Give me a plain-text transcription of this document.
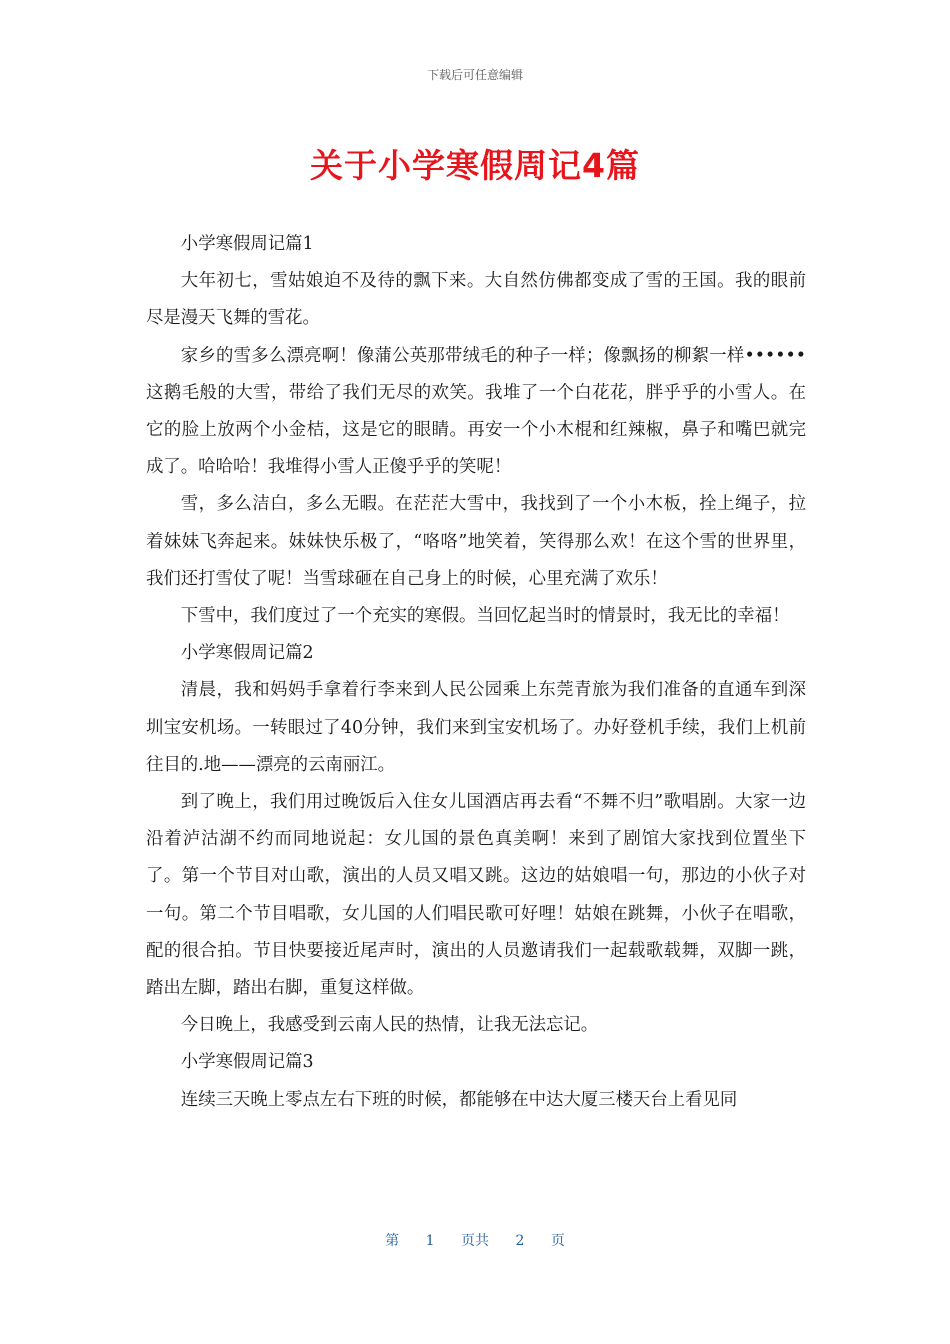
下载后可任意编辑
关于小学寒假周记4篇

小学寒假周记篇1

大年初七，雪姑娘迫不及待的飘下来。大自然仿佛都变成了雪的王国。我的眼前尽是漫天飞舞的雪花。

家乡的雪多么漂亮啊！像蒲公英那带绒毛的种子一样；像飘扬的柳絮一样••••••这鹅毛般的大雪，带给了我们无尽的欢笑。我堆了一个白花花，胖乎乎的小雪人。在它的脸上放两个小金桔，这是它的眼睛。再安一个小木棍和红辣椒，鼻子和嘴巴就完成了。哈哈哈！我堆得小雪人正傻乎乎的笑呢！

雪，多么洁白，多么无暇。在茫茫大雪中，我找到了一个小木板，拴上绳子，拉着妹妹飞奔起来。妹妹快乐极了，“咯咯”地笑着，笑得那么欢！在这个雪的世界里，我们还打雪仗了呢！当雪球砸在自己身上的时候，心里充满了欢乐！

下雪中，我们度过了一个充实的寒假。当回忆起当时的情景时，我无比的幸福！

小学寒假周记篇2

清晨，我和妈妈手拿着行李来到人民公园乘上东莞青旅为我们准备的直通车到深圳宝安机场。一转眼过了40分钟，我们来到宝安机场了。办好登机手续，我们上机前往目的.地——漂亮的云南丽江。

到了晚上，我们用过晚饭后入住女儿国酒店再去看“不舞不归”歌唱剧。大家一边沿着泸沽湖不约而同地说起：女儿国的景色真美啊！来到了剧馆大家找到位置坐下了。第一个节目对山歌，演出的人员又唱又跳。这边的姑娘唱一句，那边的小伙子对一句。第二个节目唱歌，女儿国的人们唱民歌可好哩！姑娘在跳舞，小伙子在唱歌，配的很合拍。节目快要接近尾声时，演出的人员邀请我们一起载歌载舞，双脚一跳，踏出左脚，踏出右脚，重复这样做。

今日晚上，我感受到云南人民的热情，让我无法忘记。

小学寒假周记篇3

连续三天晚上零点左右下班的时候，都能够在中达大厦三楼天台上看见同

第 1 页共 2 页
